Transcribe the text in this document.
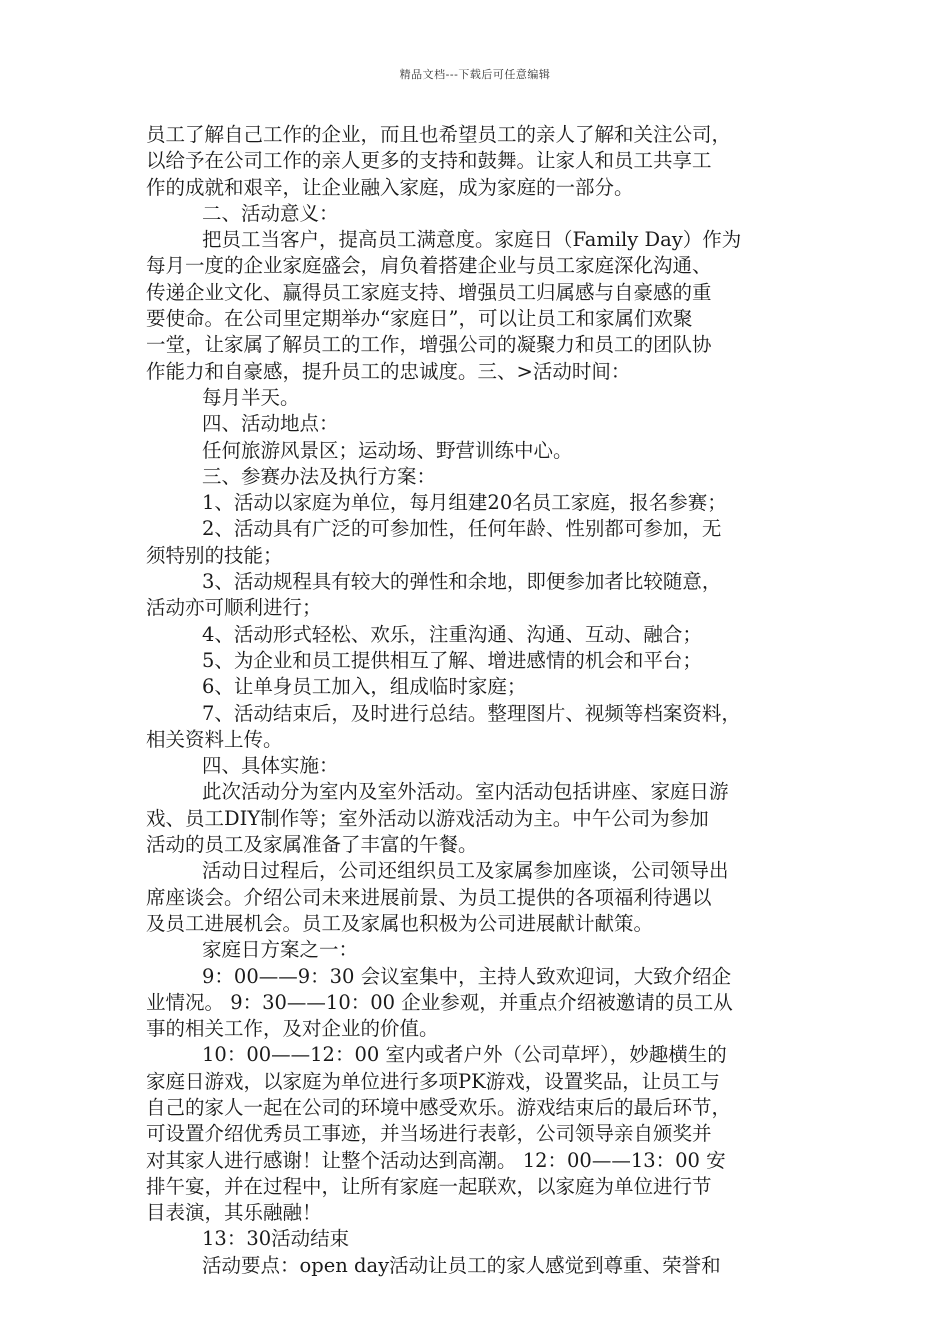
精品文档---下载后可任意编辑
员工了解自己工作的企业，而且也希望员工的亲人了解和关注公司，
以给予在公司工作的亲人更多的支持和鼓舞。让家人和员工共享工
作的成就和艰辛，让企业融入家庭，成为家庭的一部分。
二、活动意义：
把员工当客户，提高员工满意度。家庭日（Family Day）作为
每月一度的企业家庭盛会，肩负着搭建企业与员工家庭深化沟通、
传递企业文化、赢得员工家庭支持、增强员工归属感与自豪感的重
要使命。在公司里定期举办“家庭日”，可以让员工和家属们欢聚
一堂，让家属了解员工的工作，增强公司的凝聚力和员工的团队协
作能力和自豪感，提升员工的忠诚度。三、>活动时间：
每月半天。
四、活动地点：
任何旅游风景区；运动场、野营训练中心。
三、参赛办法及执行方案：
1、活动以家庭为单位，每月组建20名员工家庭，报名参赛；
2、活动具有广泛的可参加性，任何年龄、性别都可参加，无
须特别的技能；
3、活动规程具有较大的弹性和余地，即便参加者比较随意，
活动亦可顺利进行；
4、活动形式轻松、欢乐，注重沟通、沟通、互动、融合；
5、为企业和员工提供相互了解、增进感情的机会和平台；
6、让单身员工加入，组成临时家庭；
7、活动结束后，及时进行总结。整理图片、视频等档案资料，
相关资料上传。
四、具体实施：
此次活动分为室内及室外活动。室内活动包括讲座、家庭日游
戏、员工DIY制作等；室外活动以游戏活动为主。中午公司为参加
活动的员工及家属准备了丰富的午餐。
活动日过程后，公司还组织员工及家属参加座谈，公司领导出
席座谈会。介绍公司未来进展前景、为员工提供的各项福利待遇以
及员工进展机会。员工及家属也积极为公司进展献计献策。
家庭日方案之一：
9：00——9：30 会议室集中，主持人致欢迎词，大致介绍企
业情况。 9：30——10：00 企业参观，并重点介绍被邀请的员工从
事的相关工作，及对企业的价值。
10：00——12：00 室内或者户外（公司草坪），妙趣横生的
家庭日游戏，以家庭为单位进行多项PK游戏，设置奖品，让员工与
自己的家人一起在公司的环境中感受欢乐。游戏结束后的最后环节，
可设置介绍优秀员工事迹，并当场进行表彰，公司领导亲自颁奖并
对其家人进行感谢！让整个活动达到高潮。 12：00——13：00 安
排午宴，并在过程中，让所有家庭一起联欢，以家庭为单位进行节
目表演，其乐融融！
13：30活动结束
活动要点：open day活动让员工的家人感觉到尊重、荣誉和
